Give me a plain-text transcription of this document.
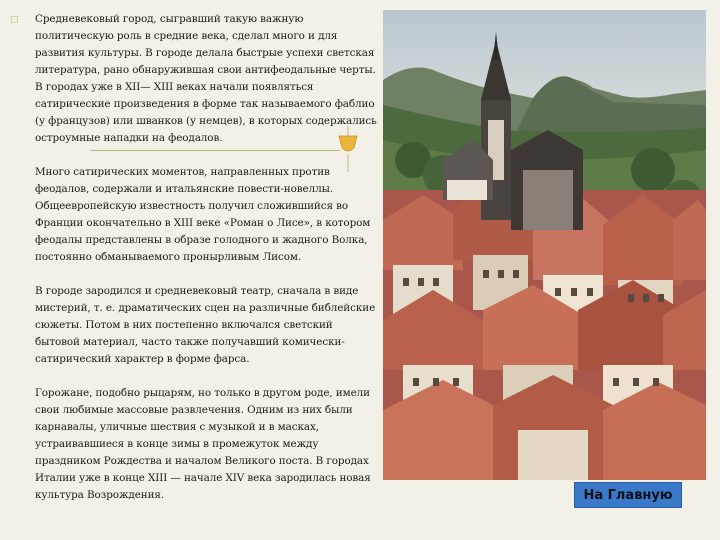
□ Средневековый город, сыгравший такую важную политическую роль в средние века, сделал много и для развития культуры. В городе делала быстрые успехи светская литература, рано обнаружившая свои антифеодальные черты. В городах уже в XII— XIII веках начали появляться сатирические произведения в форме так называемого фаблио (у французов) или шванков (у немцев), в которых содержались остроумные нападки на феодалов.

Много сатирических моментов, направленных против феодалов, содержали и итальянские повести-новеллы. Общеевропейскую известность получил сложившийся во Франции окончательно в XIII веке «Роман о Лисе», в котором феодалы представлены в образе голодного и жадного Волка, постоянно обманываемого пронырливым Лисом.

В городе зародился и средневековый театр, сначала в виде мистерий, т. е. драматических сцен на различные библейские сюжеты. Потом в них постепенно включался светский бытовой материал, часто также получавший комически-сатирический характер в форме фарса.

Горожане, подобно рыцарям, но только в другом роде, имели свои любимые массовые развлечения. Одним из них были карнавалы, уличные шествия с музыкой и в масках, устраивавшиеся в конце зимы в промежуток между праздником Рождества и началом Великого поста. В городах Италии уже в конце XIII — начале XIV века зародилась новая культура Возрождения.	На Главную
